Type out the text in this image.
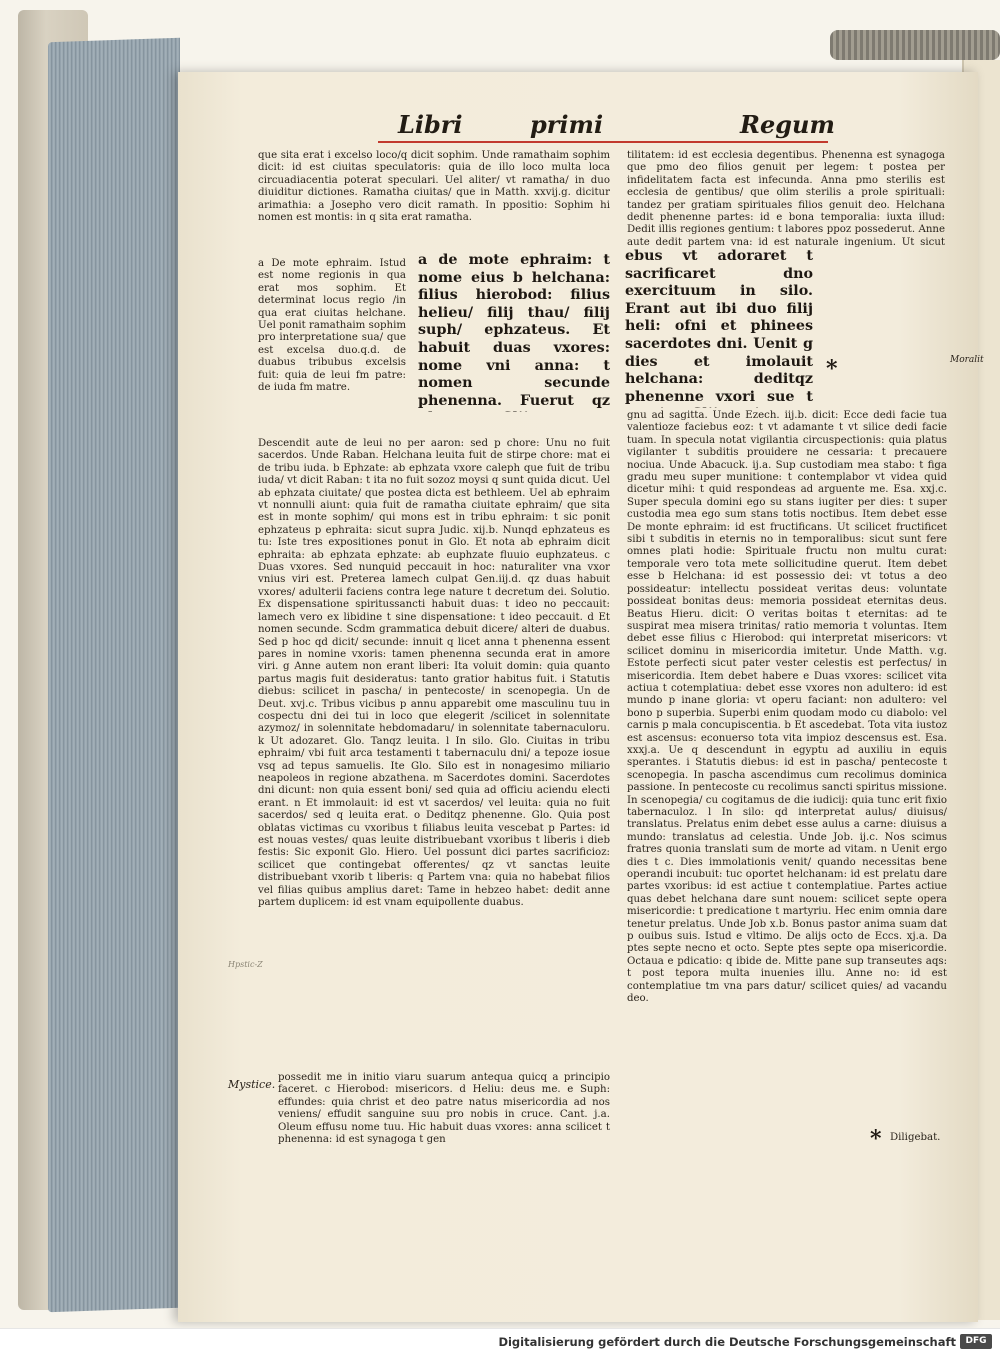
Libri	primi	Regum

que sita erat i excelso loco/q dicit sophim. Unde ramathaim sophim dicit: id est ciuitas speculatoris: quia de illo loco multa loca circuadiacentia poterat speculari. Uel aliter/ vt ramatha/ in duo diuiditur dictiones. Ramatha ciuitas/ que in Matth. xxvij.g. dicitur arimathia: a Josepho vero dicit ramath. In ppositio: Sophim hi nomen est montis: in q sita erat ramatha.

a De mote ephraim. Istud est nome regionis in qua erat mos sophim. Et determinat locus regio /in qua erat ciuitas helchane. Uel ponit ramathaim sophim pro interpretatione sua/ que est excelsa duo.q.d. de duabus tribubus excelsis fuit: quia de leui fm patre: de iuda fm matre.

a de mote ephraim: t nome eius b helchana: filius hierobod: filius helieu/ filij thau/ filij suph/ ephzateus. Et habuit duas vxores: nome vni anna: t nomen secunde phenenna. Fuerut qz

ebus vt adoraret t sacrificaret dno exercituum in silo. Erant aut ibi duo filij heli: ofni et phinees sacerdotes dni. Uenit g dies et imolauit helchana: deditqz phenenne vxori sue t

tilitatem: id est ecclesia degentibus. Phenenna est synagoga que pmo deo filios genuit per legem: t postea per infidelitatem facta est infecunda. Anna pmo sterilis est ecclesia de gentibus/ que olim sterilis a prole spirituali: tandez per gratiam spirituales filios genuit deo. Helchana dedit phenenne partes: id e bona temporalia: iuxta illud: Dedit illis regiones gentium: t labores ppoz possederut. Anne aute dedit partem vna: id est naturale ingenium. Ut sicut

*

Descendit aute de leui no per aaron: sed p chore: Unu no fuit sacerdos. Unde Raban. Helchana leuita fuit de stirpe chore: mat ei de tribu iuda. b Ephzate: ab ephzata vxore caleph que fuit de tribu iuda/ vt dicit Raban: t ita no fuit sozoz moysi q sunt quida dicut. Uel ab ephzata ciuitate/ que postea dicta est bethleem. Uel ab ephraim vt nonnulli aiunt: quia fuit de ramatha ciuitate ephraim/ que sita est in monte sophim/ qui mons est in tribu ephraim: t sic ponit ephzateus p ephraita: sicut supra Judic. xij.b. Nunqd ephzateus es tu: Iste tres expositiones ponut in Glo. Et nota ab ephraim dicit ephraita: ab ephzata ephzate: ab euphzate fluuio euphzateus. c Duas vxores. Sed nunquid peccauit in hoc: naturaliter vna vxor vnius viri est. Preterea lamech culpat Gen.iij.d. qz duas habuit vxores/ adulterii faciens contra lege nature t decretum dei. Solutio. Ex dispensatione spiritussancti habuit duas: t ideo no peccauit: lamech vero ex libidine t sine dispensatione: t ideo peccauit. d Et nomen secunde. Scdm grammatica debuit dicere/ alteri de duabus. Sed p hoc qd dicit/ secunde: innuit q licet anna t phenenna essent pares in nomine vxoris: tamen phenenna secunda erat in amore viri. g Anne autem non erant liberi: Ita voluit domin: quia quanto partus magis fuit desideratus: tanto gratior habitus fuit. i Statutis diebus: scilicet in pascha/ in pentecoste/ in scenopegia. Un de Deut. xvj.c. Tribus vicibus p annu apparebit ome masculinu tuu in cospectu dni dei tui in loco que elegerit /scilicet in solennitate azymoz/ in solennitate hebdomadaru/ in solennitate tabernaculoru. k Ut adozaret. Glo. Tanqz leuita. l In silo. Glo. Ciuitas in tribu ephraim/ vbi fuit arca testamenti t tabernaculu dni/ a tepoze iosue vsq ad tepus samuelis. Ite Glo. Silo est in nonagesimo miliario neapoleos in regione abzathena. m Sacerdotes domini. Sacerdotes dni dicunt: non quia essent boni/ sed quia ad officiu aciendu electi erant. n Et immolauit: id est vt sacerdos/ vel leuita: quia no fuit sacerdos/ sed q leuita erat. o Deditqz phenenne. Glo. Quia post oblatas victimas cu vxoribus t filiabus leuita vescebat p Partes: id est nouas vestes/ quas leuite distribuebant vxoribus t liberis i dieb festis: Sic exponit Glo. Hiero. Uel possunt dici partes sacrificioz: scilicet que contingebat offerentes/ qz vt sanctas leuite distribuebant vxorib t liberis: q Partem vna: quia no habebat filios vel filias quibus amplius daret: Tame in hebzeo habet: dedit anne partem duplicem: id est vnam equipollente duabus.

possedit me in initio viaru suarum antequa quicq a principio faceret. c Hierobod: misericors. d Heliu: deus me. e Suph: effundes: quia christ et deo patre natus misericordia ad nos veniens/ effudit sanguine suu pro nobis in cruce. Cant. j.a. Oleum effusu nome tuu. Hic habuit duas vxores: anna scilicet t phenenna: id est synagoga t gen

gnu ad sagitta. Unde Ezech. iij.b. dicit: Ecce dedi facie tua valentioze faciebus eoz: t vt adamante t vt silice dedi facie tuam. In specula notat vigilantia circuspectionis: quia platus vigilanter t subditis prouidere ne cessaria: t precauere nociua. Unde Abacuck. ij.a. Sup custodiam mea stabo: t figa gradu meu super munitione: t contemplabor vt videa quid dicetur mihi: t quid respondeas ad arguente me. Esa. xxj.c. Super specula domini ego su stans iugiter per dies: t super custodia mea ego sum stans totis noctibus. Item debet esse De monte ephraim: id est fructificans. Ut scilicet fructificet sibi t subditis in eternis no in temporalibus: sicut sunt fere omnes plati hodie: Spirituale fructu non multu curat: temporale vero tota mete sollicitudine querut. Item debet esse b Helchana: id est possessio dei: vt totus a deo possideatur: intellectu possideat veritas deus: voluntate possideat bonitas deus: memoria possideat eternitas deus. Beatus Hieru. dicit: O veritas boitas t eternitas: ad te suspirat mea misera trinitas/ ratio memoria t voluntas. Item debet esse filius c Hierobod: qui interpretat misericors: vt scilicet dominu in misericordia imitetur. Unde Matth. v.g. Estote perfecti sicut pater vester celestis est perfectus/ in misericordia. Item debet habere e Duas vxores: scilicet vita actiua t cotemplatiua: debet esse vxores non adultero: id est mundo p inane gloria: vt operu faciant: non adultero: vel bono p superbia. Superbi enim quodam modo cu diabolo: vel carnis p mala concupiscentia. b Et ascedebat. Tota vita iustoz est ascensus: econuerso tota vita impioz descensus est. Esa. xxxj.a. Ue q descendunt in egyptu ad auxiliu in equis sperantes. i Statutis diebus: id est in pascha/ pentecoste t scenopegia. In pascha ascendimus cum recolimus dominica passione. In pentecoste cu recolimus sancti spiritus missione. In scenopegia/ cu cogitamus de die iudicij: quia tunc erit fixio tabernaculoz. l In silo: qd interpretat aulus/ diuisus/ translatus. Prelatus enim debet esse aulus a carne: diuisus a mundo: translatus ad celestia. Unde Job. ij.c. Nos scimus fratres quonia translati sum de morte ad vitam. n Uenit ergo dies t c. Dies immolationis venit/ quando necessitas bene operandi incubuit: tuc oportet helchanam: id est prelatu dare partes vxoribus: id est actiue t contemplatiue. Partes actiue quas debet helchana dare sunt nouem: scilicet septe opera misericordie: t predicatione t martyriu. Hec enim omnia dare tenetur prelatus. Unde Job x.b. Bonus pastor anima suam dat p ouibus suis. Istud e vltimo. De alijs octo de Eccs. xj.a. Da ptes septe necno et octo. Septe ptes septe opa misericordie. Octaua e pdicatio: q ibide de. Mitte pane sup transeutes aqs: t post tepora multa inuenies illu. Anne no: id est contemplatiue tm vna pars datur/ scilicet quies/ ad vacandu deo.

* Diligebat.
Mystice.
Moralit
Hpstic-Z
Digitalisierung gefördert durch die Deutsche Forschungsgemeinschaft	DFG
